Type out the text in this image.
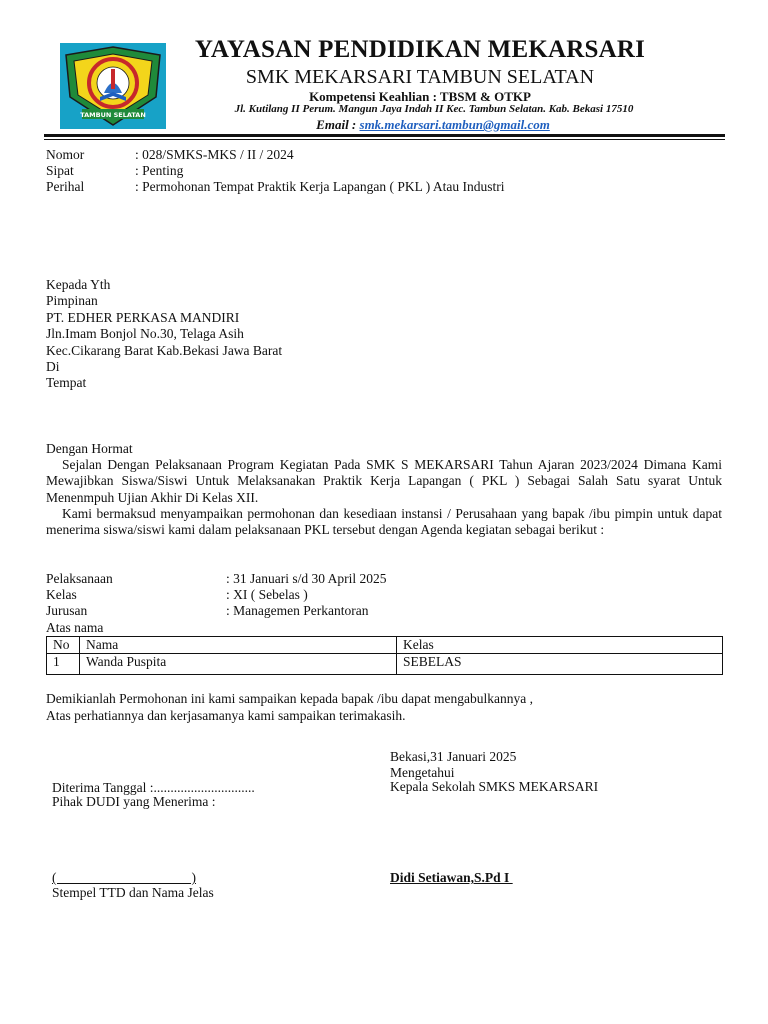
TAMBUN SELATAN
YAYASAN PENDIDIKAN MEKARSARI
SMK MEKARSARI TAMBUN SELATAN
Kompetensi Keahlian : TBSM & OTKP
Jl. Kutilang II Perum. Mangun Jaya Indah II Kec. Tambun Selatan. Kab. Bekasi 17510
Email : smk.mekarsari.tambun@gmail.com
Nomor	: 028/SMKS-MKS / II / 2024
Sipat	: Penting
Perihal	: Permohonan Tempat Praktik Kerja Lapangan ( PKL ) Atau Industri
Kepada Yth
Pimpinan
PT. EDHER PERKASA MANDIRI
Jln.Imam Bonjol No.30, Telaga Asih
Kec.Cikarang Barat Kab.Bekasi Jawa Barat
Di
Tempat
Dengan Hormat
Sejalan Dengan Pelaksanaan Program Kegiatan Pada SMK S MEKARSARI Tahun Ajaran 2023/2024 Dimana Kami Mewajibkan Siswa/Siswi Untuk Melaksanakan Praktik Kerja Lapangan ( PKL ) Sebagai Salah Satu syarat Untuk Menenmpuh Ujian Akhir Di Kelas XII.
Kami bermaksud menyampaikan permohonan dan kesediaan instansi / Perusahaan yang bapak /ibu pimpin untuk dapat menerima siswa/siswi kami dalam pelaksanaan PKL tersebut dengan Agenda kegiatan sebagai berikut :
Pelaksanaan	: 31 Januari s/d 30 April 2025
Kelas	: XI ( Sebelas )
Jurusan	: Managemen Perkantoran
Atas nama
No	Nama	Kelas
1	Wanda Puspita	SEBELAS
Demikianlah Permohonan ini kami sampaikan kepada bapak /ibu dapat mengabulkannya ,
Atas perhatiannya dan kerjasamanya kami sampaikan terimakasih.
Bekasi,31 Januari 2025
Mengetahui
Kepala Sekolah SMKS MEKARSARI
Diterima Tanggal :..............................
Pihak DUDI yang Menerima :
(                                        )
Stempel TTD dan Nama Jelas
Didi Setiawan,S.Pd I
